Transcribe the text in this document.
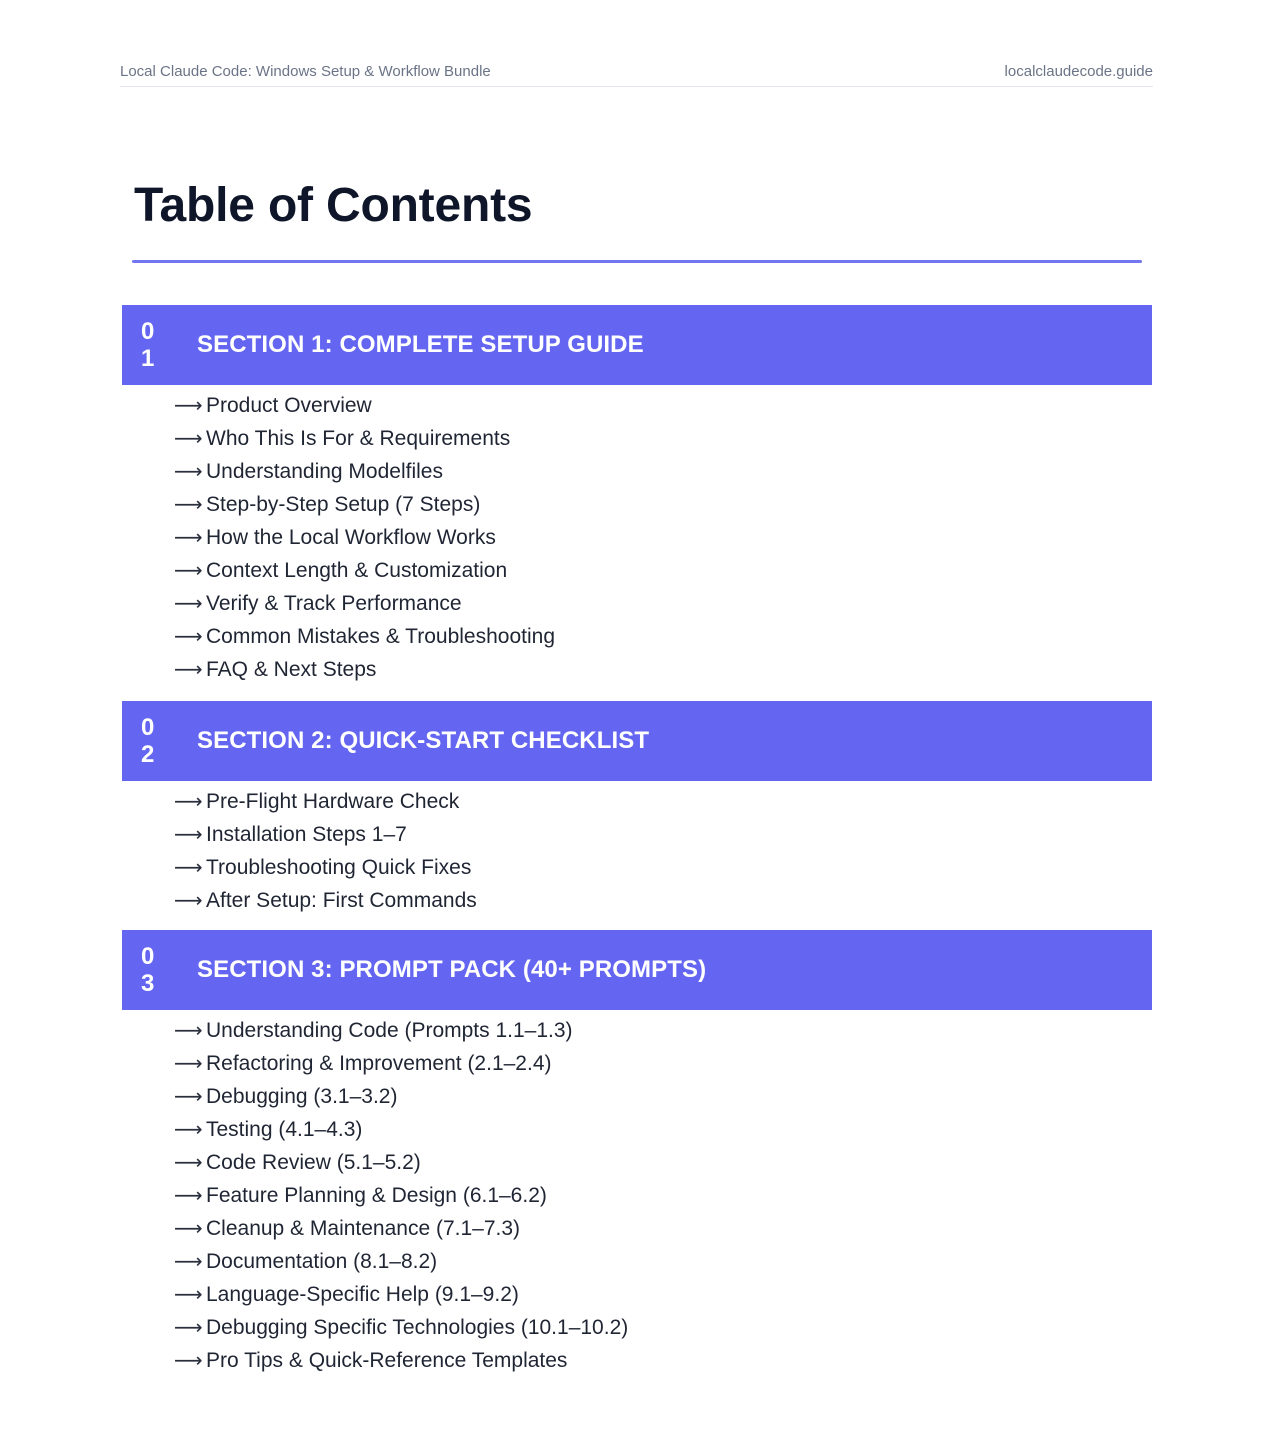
Local Claude Code: Windows Setup & Workflow Bundle	localclaudecode.guide
Table of Contents
0
1
SECTION 1: COMPLETE SETUP GUIDE
⟶ Product Overview
⟶ Who This Is For & Requirements
⟶ Understanding Modelfiles
⟶ Step-by-Step Setup (7 Steps)
⟶ How the Local Workflow Works
⟶ Context Length & Customization
⟶ Verify & Track Performance
⟶ Common Mistakes & Troubleshooting
⟶ FAQ & Next Steps
0
2
SECTION 2: QUICK-START CHECKLIST
⟶ Pre-Flight Hardware Check
⟶ Installation Steps 1–7
⟶ Troubleshooting Quick Fixes
⟶ After Setup: First Commands
0
3
SECTION 3: PROMPT PACK (40+ PROMPTS)
⟶ Understanding Code (Prompts 1.1–1.3)
⟶ Refactoring & Improvement (2.1–2.4)
⟶ Debugging (3.1–3.2)
⟶ Testing (4.1–4.3)
⟶ Code Review (5.1–5.2)
⟶ Feature Planning & Design (6.1–6.2)
⟶ Cleanup & Maintenance (7.1–7.3)
⟶ Documentation (8.1–8.2)
⟶ Language-Specific Help (9.1–9.2)
⟶ Debugging Specific Technologies (10.1–10.2)
⟶ Pro Tips & Quick-Reference Templates
